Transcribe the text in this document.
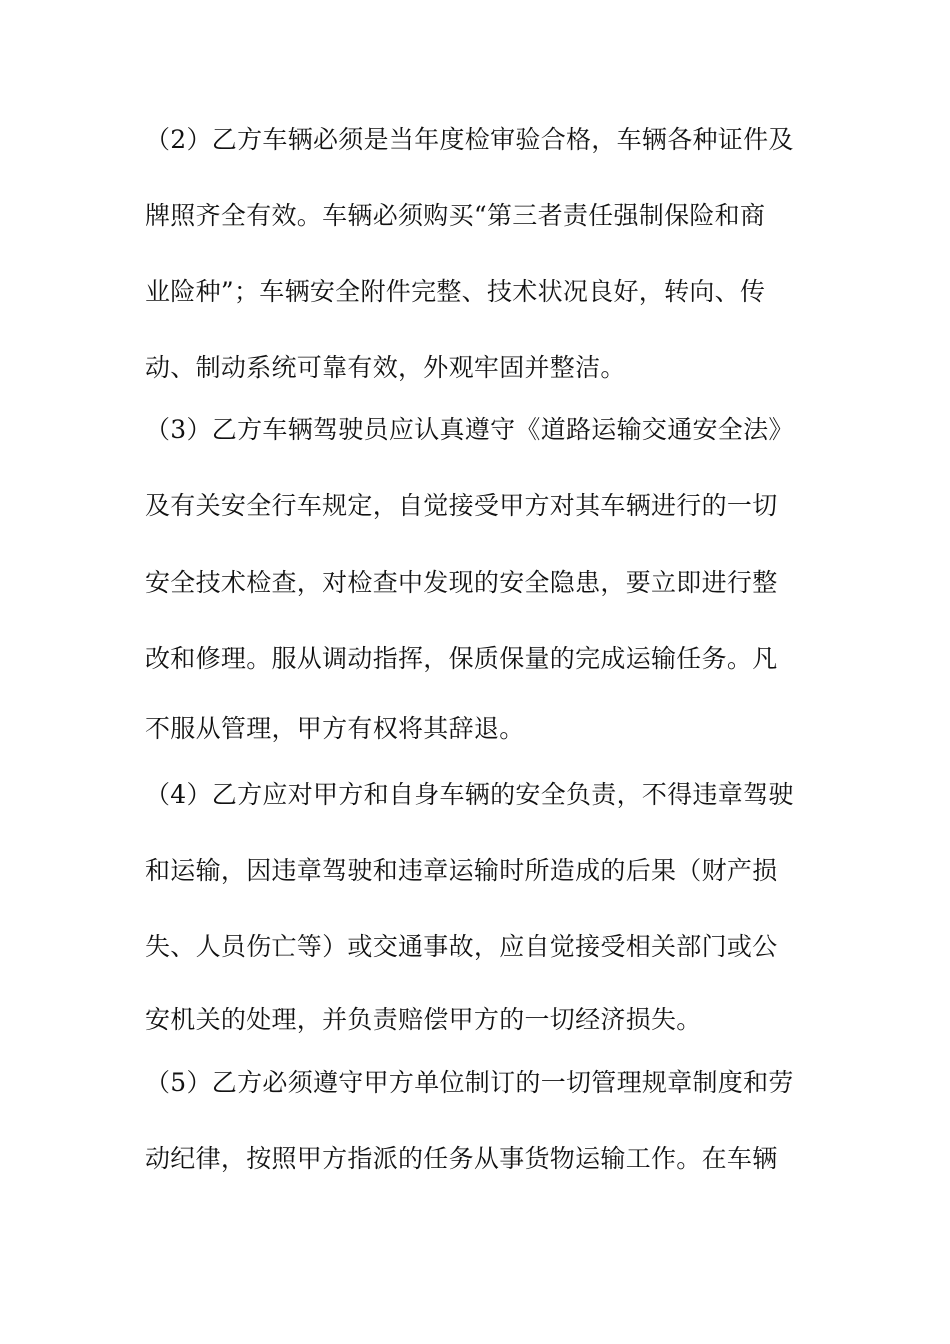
（2）乙方车辆必须是当年度检审验合格，车辆各种证件及
牌照齐全有效。车辆必须购买“第三者责任强制保险和商
业险种”；车辆安全附件完整、技术状况良好，转向、传
动、制动系统可靠有效，外观牢固并整洁。
（3）乙方车辆驾驶员应认真遵守《道路运输交通安全法》
及有关安全行车规定，自觉接受甲方对其车辆进行的一切
安全技术检查，对检查中发现的安全隐患，要立即进行整
改和修理。服从调动指挥，保质保量的完成运输任务。凡
不服从管理，甲方有权将其辞退。
（4）乙方应对甲方和自身车辆的安全负责，不得违章驾驶
和运输，因违章驾驶和违章运输时所造成的后果（财产损
失、人员伤亡等）或交通事故，应自觉接受相关部门或公
安机关的处理，并负责赔偿甲方的一切经济损失。
（5）乙方必须遵守甲方单位制订的一切管理规章制度和劳
动纪律，按照甲方指派的任务从事货物运输工作。在车辆
